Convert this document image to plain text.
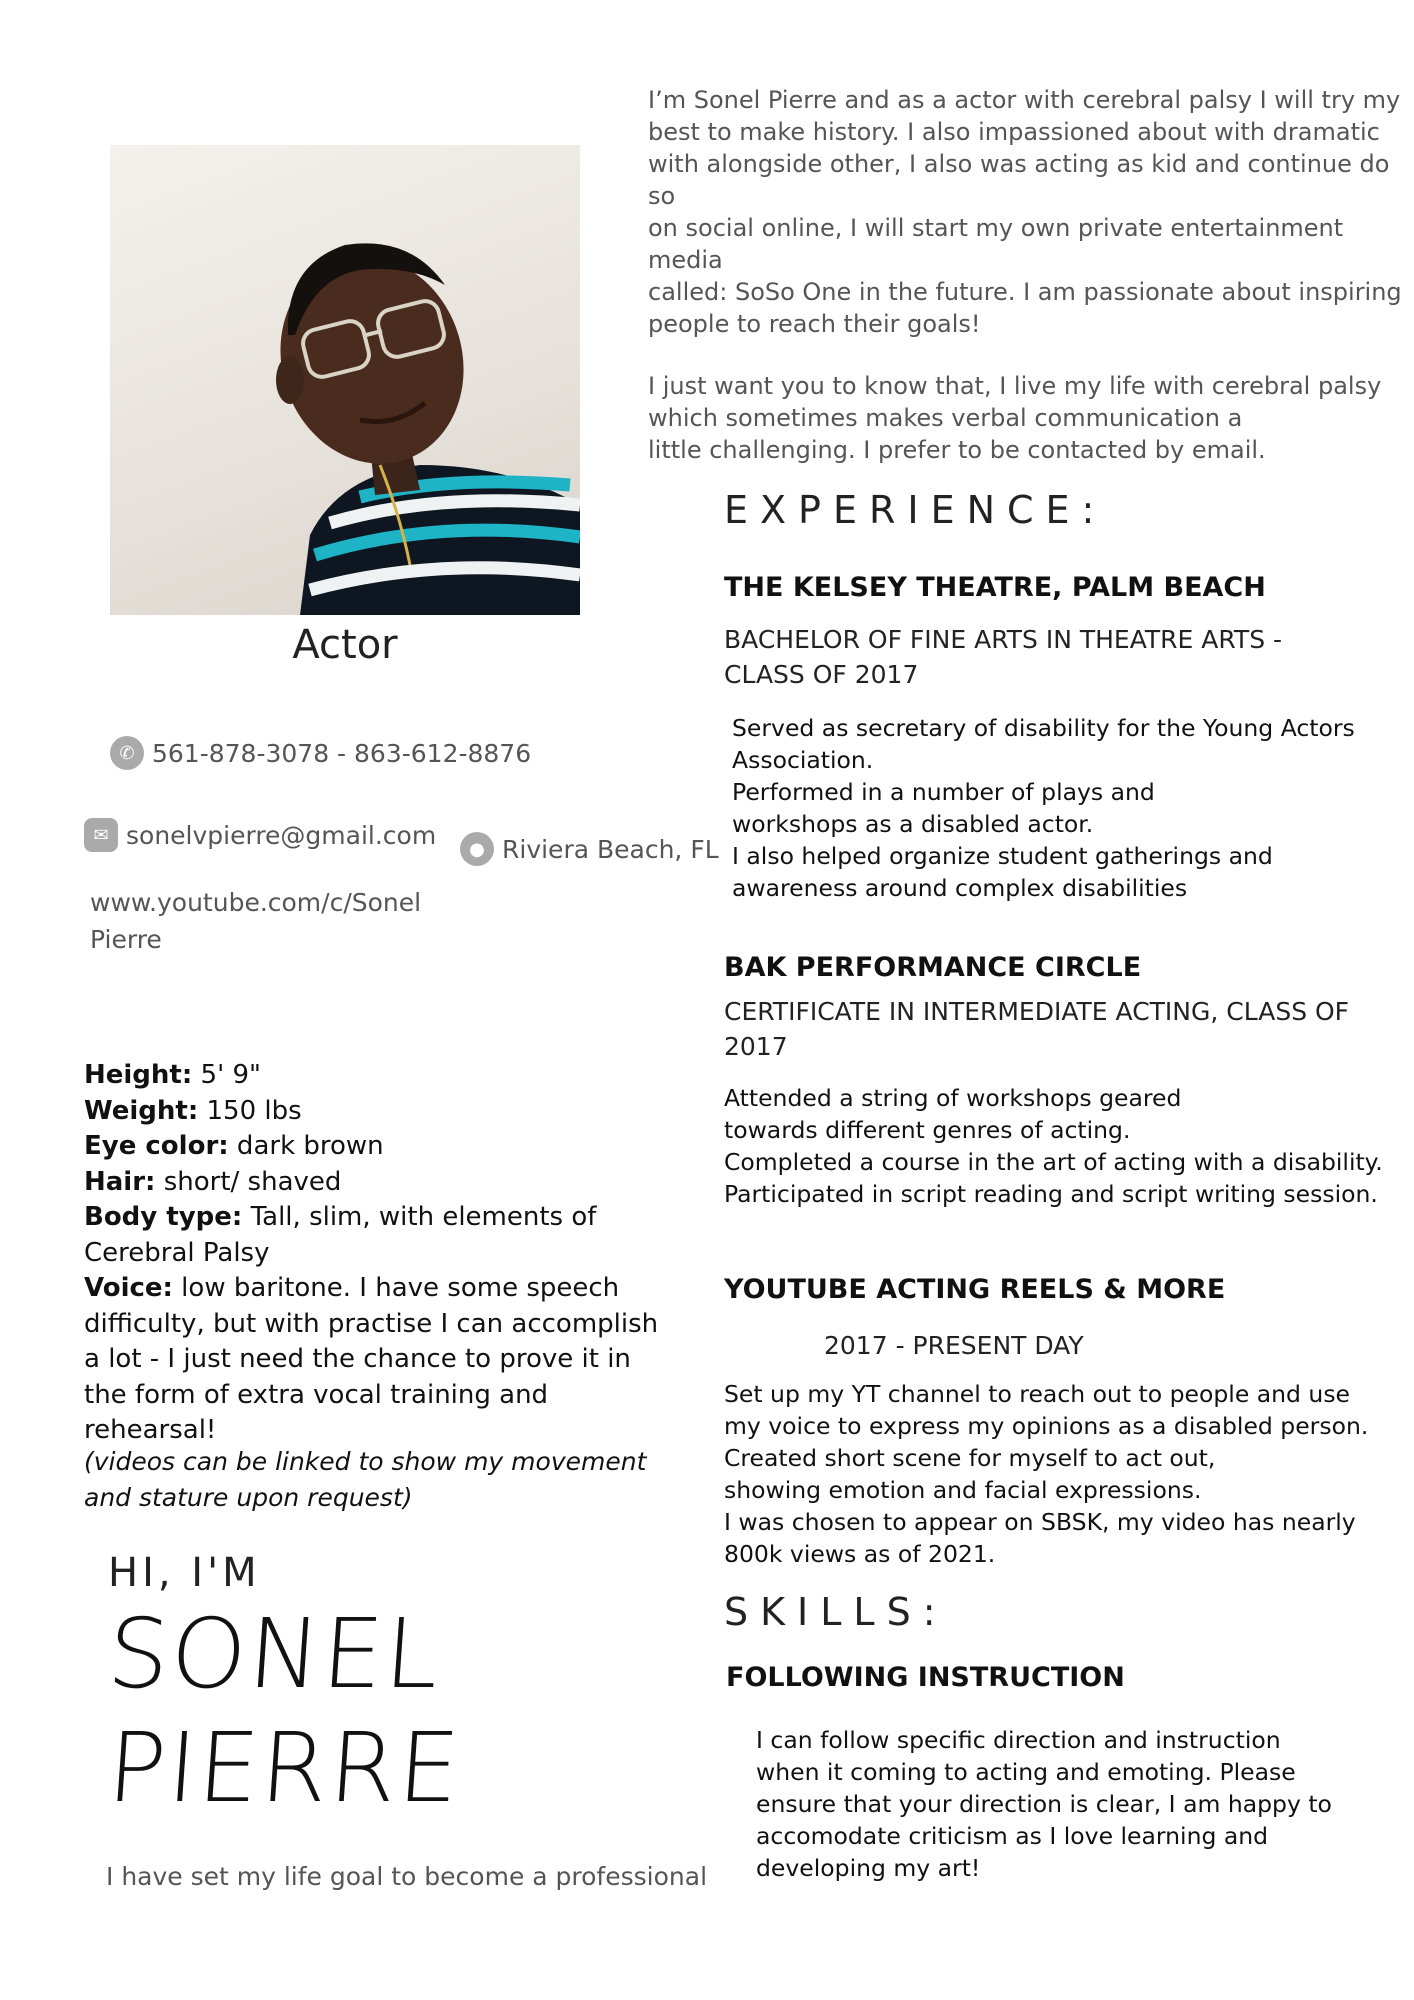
I’m Sonel Pierre and as a actor with cerebral palsy I will try my
best to make history. I also impassioned about with dramatic
with alongside other, I also was acting as kid and continue do so
on social online, I will start my own private entertainment media
called: SoSo One in the future. I am passionate about inspiring
people to reach their goals!

I just want you to know that, I live my life with cerebral palsy
which sometimes makes verbal communication a
little challenging. I prefer to be contacted by email.

Actor
✆ 561-878-3078 - 863-612-8876
✉ sonelvpierre@gmail.com	● Riviera Beach, FL
www.youtube.com/c/Sonel
Pierre
Height: 5' 9"
Weight: 150 lbs
Eye color: dark brown
Hair: short/ shaved
Body type: Tall, slim, with elements of Cerebral Palsy
Voice: low baritone. I have some speech difficulty, but with practise I can accomplish a lot - I just need the chance to prove it in the form of extra vocal training and rehearsal!
(videos can be linked to show my movement and stature upon request)
HI, I'M
SONEL
PIERRE
I have set my life goal to become a professional
EXPERIENCE:
THE KELSEY THEATRE, PALM BEACH
BACHELOR OF FINE ARTS IN THEATRE ARTS -
CLASS OF 2017
Served as secretary of disability for the Young Actors
Association.
Performed in a number of plays and
workshops as a disabled actor.
I also helped organize student gatherings and
awareness around complex disabilities
BAK PERFORMANCE CIRCLE
CERTIFICATE IN INTERMEDIATE ACTING, CLASS OF
2017
Attended a string of workshops geared
towards different genres of acting.
Completed a course in the art of acting with a disability.
Participated in script reading and script writing session.
YOUTUBE ACTING REELS & MORE
2017 - PRESENT DAY
Set up my YT channel to reach out to people and use
my voice to express my opinions as a disabled person.
Created short scene for myself to act out,
showing emotion and facial expressions.
I was chosen to appear on SBSK, my video has nearly
800k views as of 2021.
SKILLS:
FOLLOWING INSTRUCTION
I can follow specific direction and instruction
when it coming to acting and emoting. Please
ensure that your direction is clear, I am happy to
accomodate criticism as I love learning and
developing my art!
